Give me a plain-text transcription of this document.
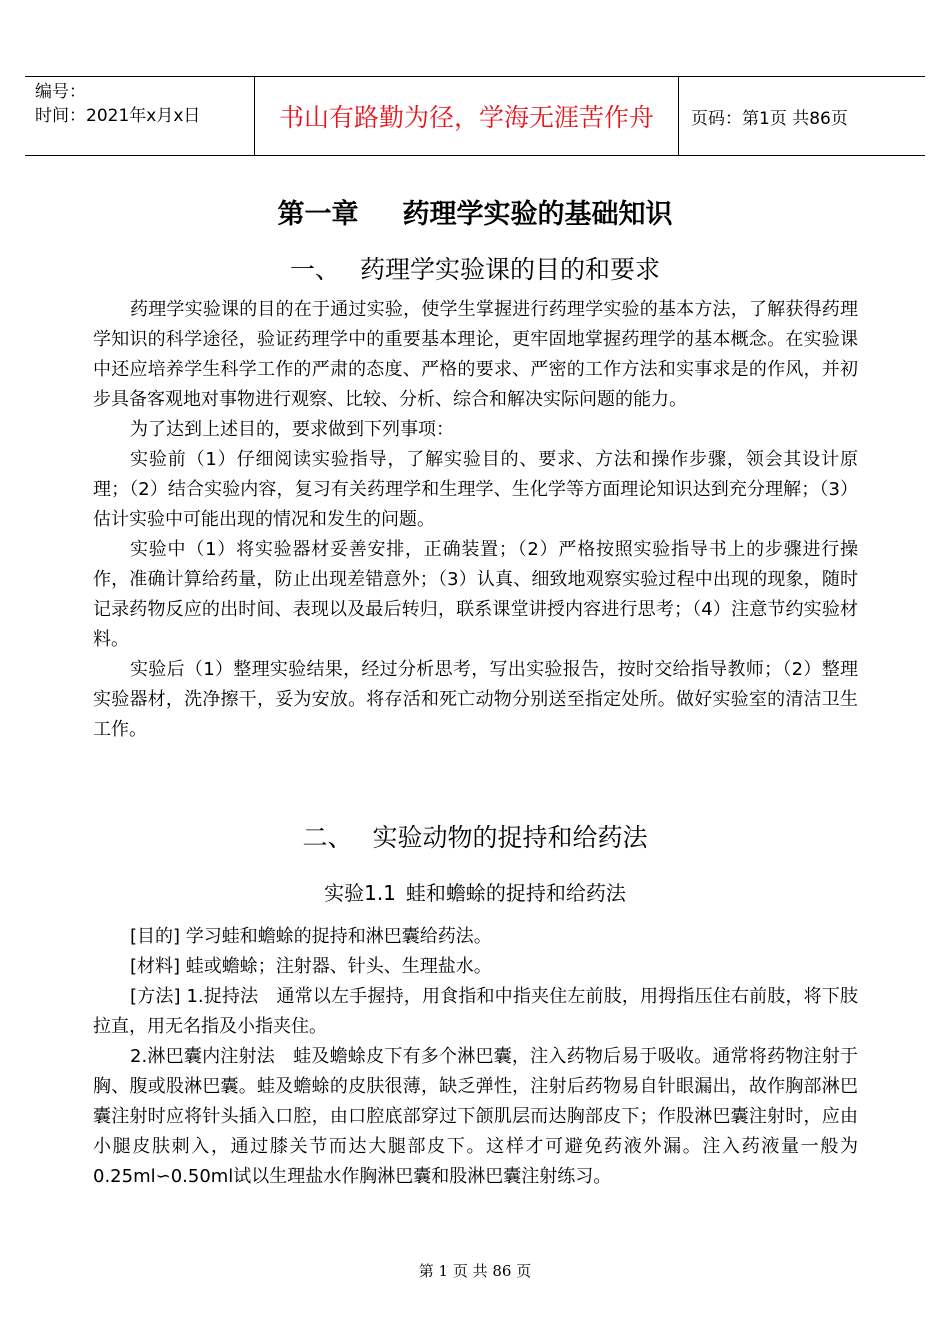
编号：
时间：2021年x月x日	书山有路勤为径，学海无涯苦作舟 页码：第1页 共86页
第一章 药理学实验的基础知识
一、 药理学实验课的目的和要求

药理学实验课的目的在于通过实验，使学生掌握进行药理学实验的基本方法，了解获得药理学知识的科学途径，验证药理学中的重要基本理论，更牢固地掌握药理学的基本概念。在实验课中还应培养学生科学工作的严肃的态度、严格的要求、严密的工作方法和实事求是的作风，并初步具备客观地对事物进行观察、比较、分析、综合和解决实际问题的能力。

为了达到上述目的，要求做到下列事项：

实验前（1）仔细阅读实验指导，了解实验目的、要求、方法和操作步骤，领会其设计原理；（2）结合实验内容，复习有关药理学和生理学、生化学等方面理论知识达到充分理解；（3）估计实验中可能出现的情况和发生的问题。

实验中（1）将实验器材妥善安排，正确装置；（2）严格按照实验指导书上的步骤进行操作，准确计算给药量，防止出现差错意外；（3）认真、细致地观察实验过程中出现的现象，随时记录药物反应的出时间、表现以及最后转归，联系课堂讲授内容进行思考；（4）注意节约实验材料。

实验后（1）整理实验结果，经过分析思考，写出实验报告，按时交给指导教师；（2）整理实验器材，洗净擦干，妥为安放。将存活和死亡动物分别送至指定处所。做好实验室的清洁卫生工作。

二、 实验动物的捉持和给药法
实验1.1 蛙和蟾蜍的捉持和给药法

[目的] 学习蛙和蟾蜍的捉持和淋巴囊给药法。

[材料] 蛙或蟾蜍；注射器、针头、生理盐水。

[方法] 1.捉持法　通常以左手握持，用食指和中指夹住左前肢，用拇指压住右前肢，将下肢拉直，用无名指及小指夹住。

2.淋巴囊内注射法　蛙及蟾蜍皮下有多个淋巴囊，注入药物后易于吸收。通常将药物注射于胸、腹或股淋巴囊。蛙及蟾蜍的皮肤很薄，缺乏弹性，注射后药物易自针眼漏出，故作胸部淋巴囊注射时应将针头插入口腔，由口腔底部穿过下颌肌层而达胸部皮下；作股淋巴囊注射时，应由小腿皮肤刺入，通过膝关节而达大腿部皮下。这样才可避免药液外漏。注入药液量一般为0.25ml∽0.50ml试以生理盐水作胸淋巴囊和股淋巴囊注射练习。

第 1 页 共 86 页
